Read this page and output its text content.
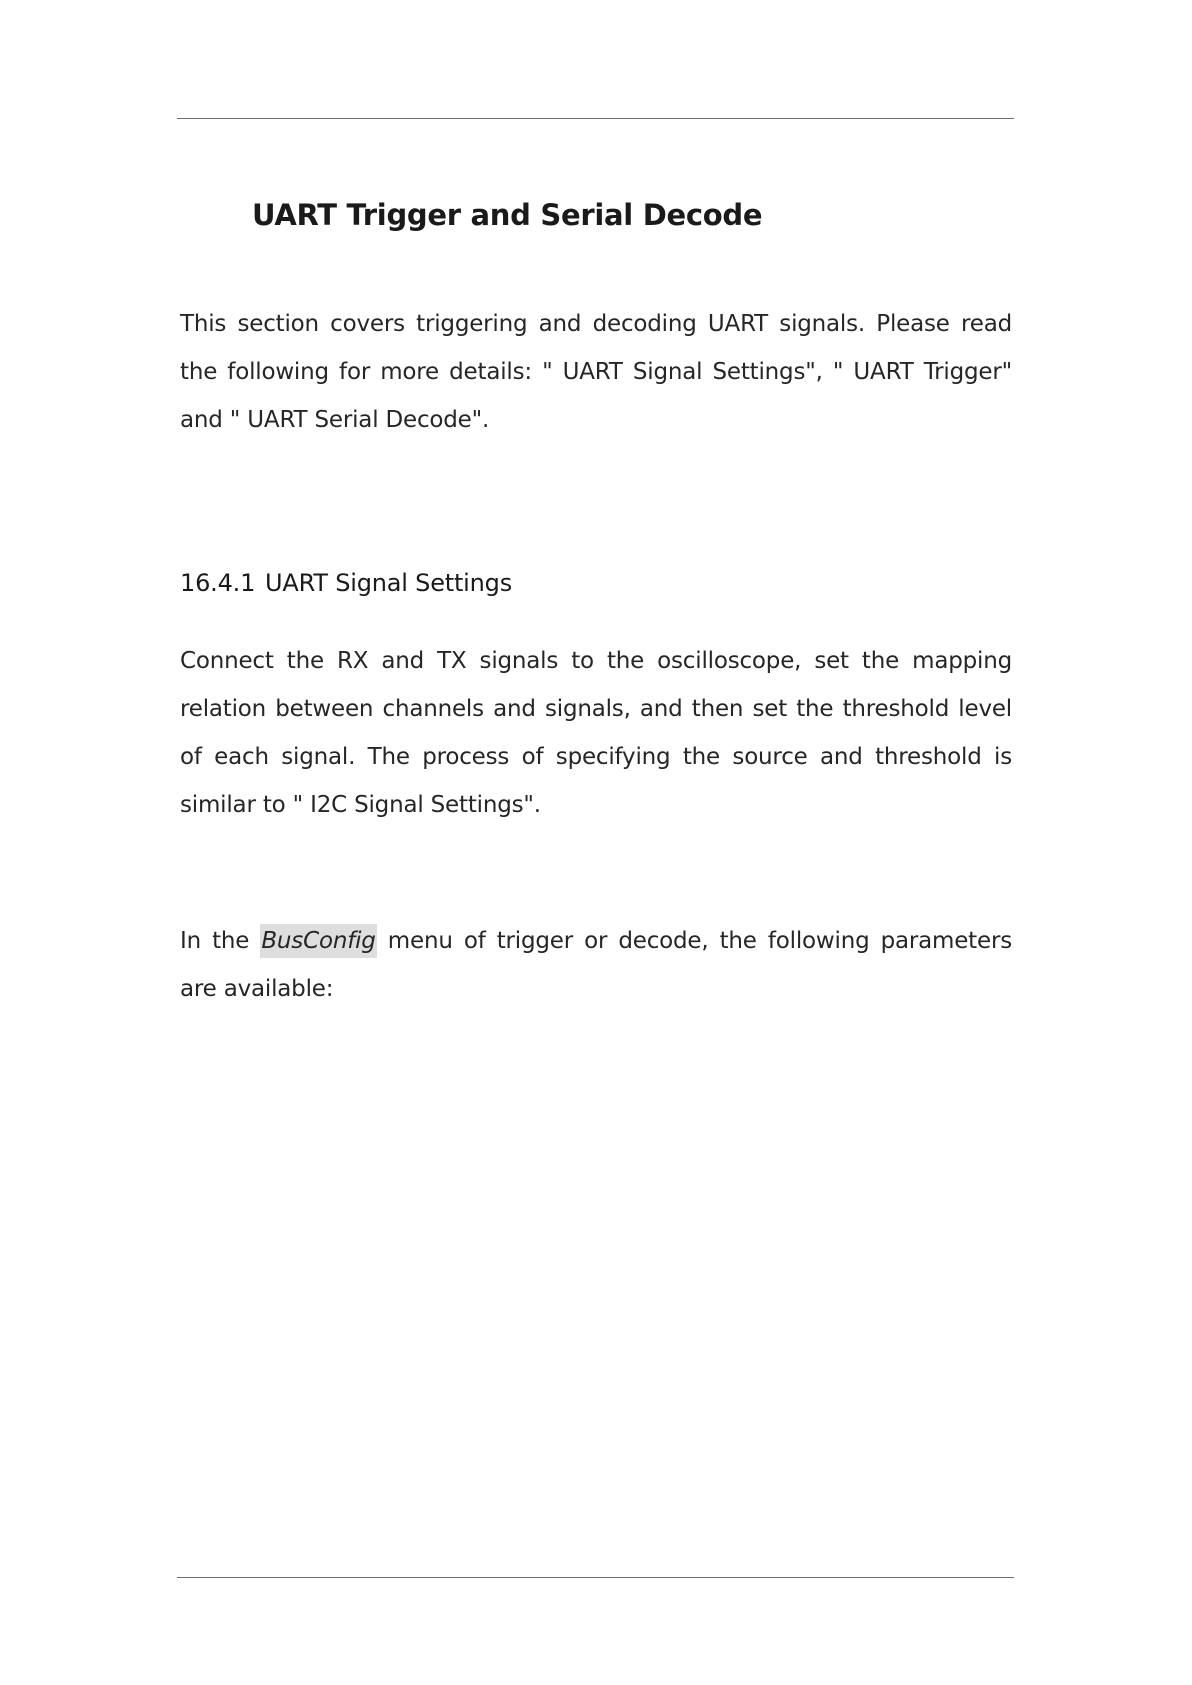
UART Trigger and Serial Decode

This section covers triggering and decoding UART signals. Please read the following for more details: " UART Signal Settings", " UART Trigger" and " UART Serial Decode".

16.4.1 UART Signal Settings

Connect the RX and TX signals to the oscilloscope, set the mapping relation between channels and signals, and then set the threshold level of each signal. The process of specifying the source and threshold is similar to " I2C Signal Settings".

In the BusConfig menu of trigger or decode, the following parameters are available:
